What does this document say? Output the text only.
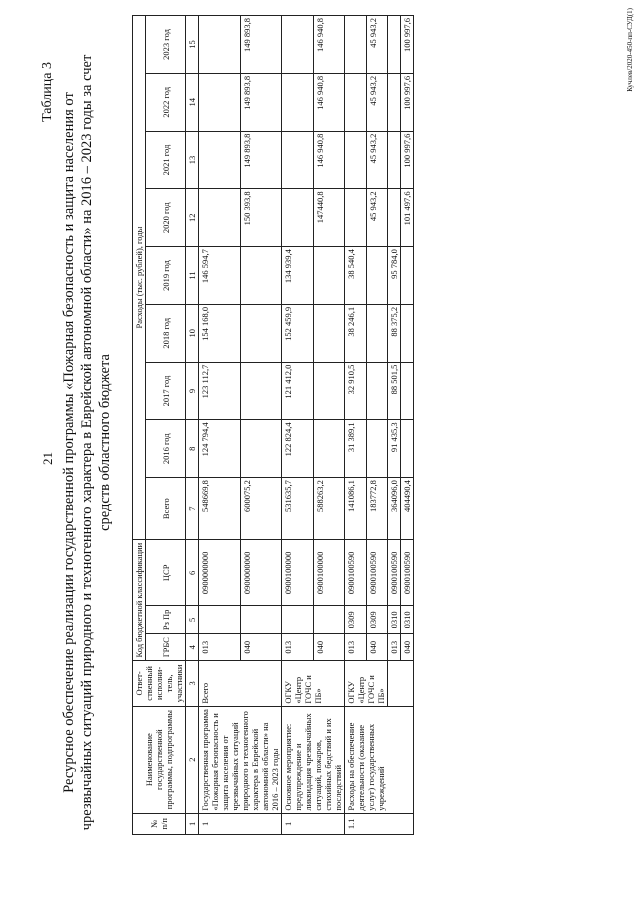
21
Таблица 3
Ресурсное обеспечение реализации государственной программы «Пожарная безопасность и защита населения от чрезвычайных ситуаций природного и техногенного характера в Еврейской автономной области» на 2016 – 2023 годы за счет средств областного бюджета
№ п/п	Наименование государственной программы, подпрограммы	Ответ- ственный исполни- тель, участники	Код бюджетной классификации			Расходы (тыс. рублей), годы								
			ГРБС	Рз Пр	ЦСР	Всего	2016 год	2017 год	2018 год	2019 год	2020 год	2021 год	2022 год	2023 год

1	2	3	4	5	6	7	8	9	10	11	12	13	14	15
1	Государственная программа «Пожарная безопасность и защита населения от чрезвычайных ситуаций природного и техногенного характера в Еврейской автономной области» на 2016 – 2023 годы	Всего	013		0900000000	548669,8	124 794,4	123 112,7	154 168,0	146 594,7				
			040		0900000000	600075,2					150 393,8	149 893,8	149 893,8	149 893,8
1	Основное мероприятие: предупреждение и ликвидация чрезвычайных ситуаций, пожаров, стихийных бедствий и их последствий	ОГКУ «Центр ГОЧС и ПБ»	013		0900100000	531635,7	122 824,4	121 412,0	152 459,9	134 939,4				
			040		0900100000	588263,2					147440,8	146 940,8	146 940,8	146 940,8
1.1	Расходы на обеспечение деятельности (оказание услуг) государственных учреждений	ОГКУ «Центр ГОЧС и ПБ»	013	0309	0900100590	141086,1	31 389,1	32 910,5	38 246,1	38 540,4				
			040	0309	0900100590	183772,8					45 943,2	45 943,2	45 943,2	45 943,2
			013	0310	0900100590	364096,0	91 435,3	88 501,5	88 375,2	95 784,0				
			040	0310	0900100590	404490,4					101 497,6	100 997,6	100 997,6	100 997,6	Кучлев/2020-450-пп-СУД(1)
